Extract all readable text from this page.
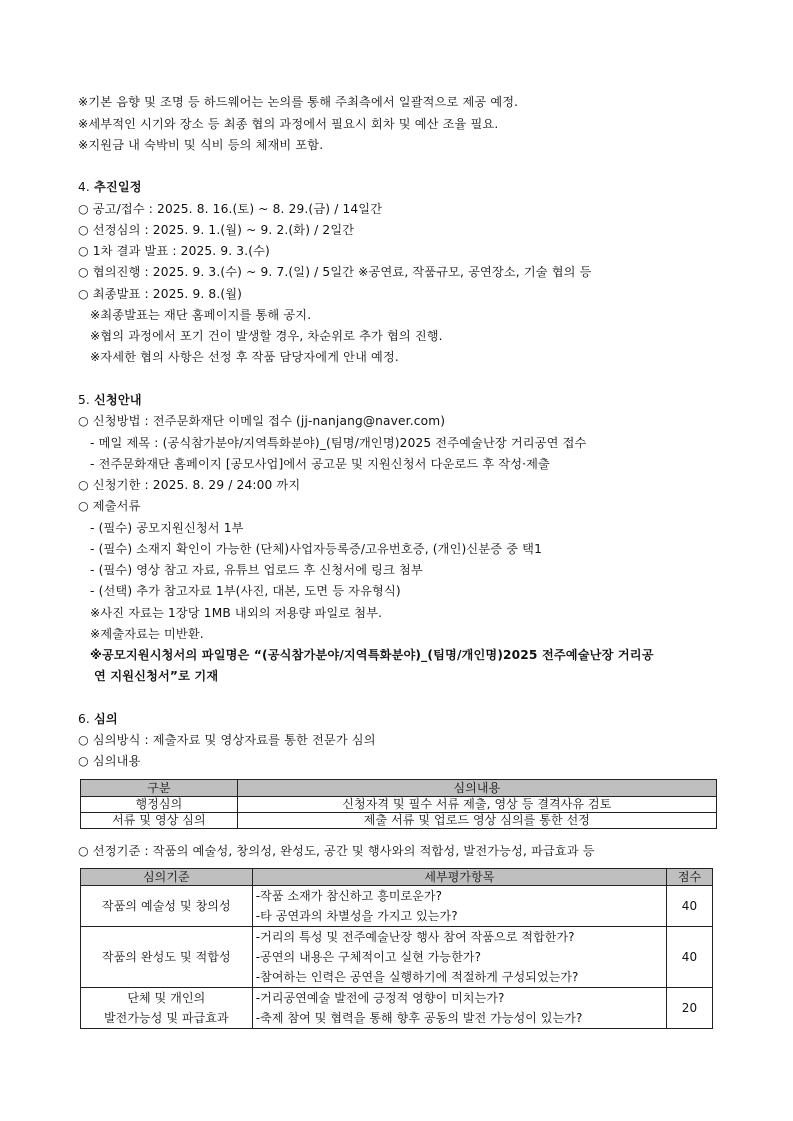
※기본 음향 및 조명 등 하드웨어는 논의를 통해 주최측에서 일괄적으로 제공 예정.
※세부적인 시기와 장소 등 최종 협의 과정에서 필요시 회차 및 예산 조율 필요.
※지원금 내 숙박비 및 식비 등의 체재비 포함.
4. 추진일정
○ 공고/접수 : 2025. 8. 16.(토) ~ 8. 29.(금) / 14일간
○ 선정심의 : 2025. 9. 1.(월) ~ 9. 2.(화) / 2일간
○ 1차 결과 발표 : 2025. 9. 3.(수)
○ 협의진행 : 2025. 9. 3.(수) ~ 9. 7.(일) / 5일간 ※공연료, 작품규모, 공연장소, 기술 협의 등
○ 최종발표 : 2025. 9. 8.(월)
※최종발표는 재단 홈페이지를 통해 공지.
※협의 과정에서 포기 건이 발생할 경우, 차순위로 추가 협의 진행.
※자세한 협의 사항은 선정 후 작품 담당자에게 안내 예정.
5. 신청안내
○ 신청방법 : 전주문화재단 이메일 접수 (jj-nanjang@naver.com)
- 메일 제목 : (공식참가분야/지역특화분야)_(팀명/개인명)2025 전주예술난장 거리공연 접수
- 전주문화재단 홈페이지 [공모사업]에서 공고문 및 지원신청서 다운로드 후 작성·제출
○ 신청기한 : 2025. 8. 29 / 24:00 까지
○ 제출서류
- (필수) 공모지원신청서 1부
- (필수) 소재지 확인이 가능한 (단체)사업자등록증/고유번호증, (개인)신분증 중 택1
- (필수) 영상 참고 자료, 유튜브 업로드 후 신청서에 링크 첨부
- (선택) 추가 참고자료 1부(사진, 대본, 도면 등 자유형식)
※사진 자료는 1장당 1MB 내외의 저용량 파일로 첨부.
※제출자료는 미반환.
※공모지원시청서의 파일명은 “(공식참가분야/지역특화분야)_(팀명/개인명)2025 전주예술난장 거리공
연 지원신청서”로 기재
6. 심의
○ 심의방식 : 제출자료 및 영상자료를 통한 전문가 심의
○ 심의내용
구분	심의내용
행정심의	신청자격 및 필수 서류 제출, 영상 등 결격사유 검토
서류 및 영상 심의	제출 서류 및 업로드 영상 심의를 통한 선정
○ 선정기준 : 작품의 예술성, 창의성, 완성도, 공간 및 행사와의 적합성, 발전가능성, 파급효과 등
심의기준	세부평가항목	점수

작품의 예술성 및 창의성	-작품 소재가 참신하고 흥미로운가?
-타 공연과의 차별성을 가지고 있는가?	40

작품의 완성도 및 적합성	-거리의 특성 및 전주예술난장 행사 참여 작품으로 적합한가?
-공연의 내용은 구체적이고 실현 가능한가?
-참여하는 인력은 공연을 실행하기에 적절하게 구성되었는가?	40

단체 및 개인의
발전가능성 및 파급효과	-거리공연예술 발전에 긍정적 영향이 미치는가?
-축제 참여 및 협력을 통해 향후 공동의 발전 가능성이 있는가?	20
